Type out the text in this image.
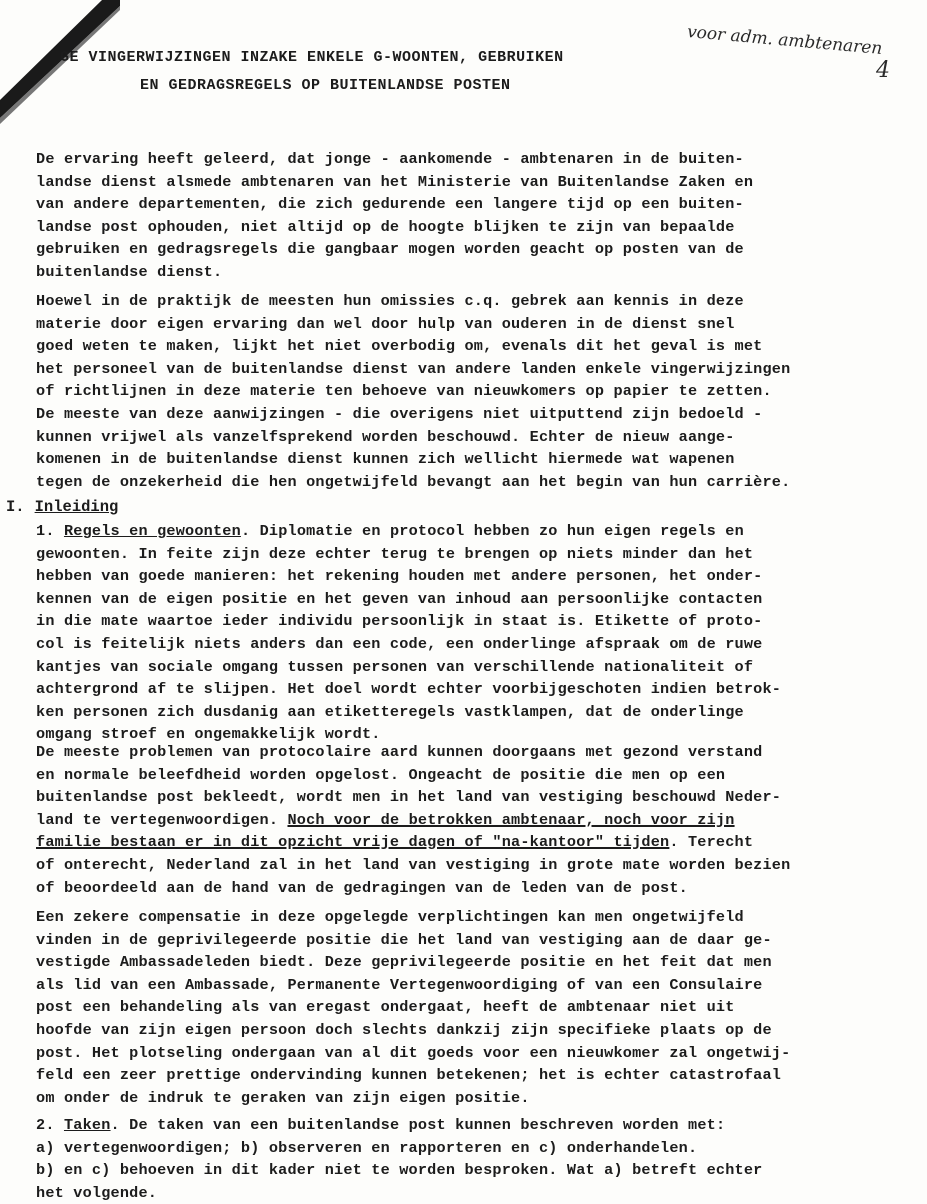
GE VINGERWIJZINGEN INZAKE ENKELE G-WOONTEN, GEBRUIKEN
EN GEDRAGSREGELS OP BUITENLANDSE POSTEN
voor adm. ambtenaren
4
De ervaring heeft geleerd, dat jonge - aankomende - ambtenaren in de buiten-
landse dienst alsmede ambtenaren van het Ministerie van Buitenlandse Zaken en
van andere departementen, die zich gedurende een langere tijd op een buiten-
landse post ophouden, niet altijd op de hoogte blijken te zijn van bepaalde
gebruiken en gedragsregels die gangbaar mogen worden geacht op posten van de
buitenlandse dienst.
Hoewel in de praktijk de meesten hun omissies c.q. gebrek aan kennis in deze
materie door eigen ervaring dan wel door hulp van ouderen in de dienst snel
goed weten te maken, lijkt het niet overbodig om, evenals dit het geval is met
het personeel van de buitenlandse dienst van andere landen enkele vingerwijzingen
of richtlijnen in deze materie ten behoeve van nieuwkomers op papier te zetten.
De meeste van deze aanwijzingen - die overigens niet uitputtend zijn bedoeld -
kunnen vrijwel als vanzelfsprekend worden beschouwd. Echter de nieuw aange-
komenen in de buitenlandse dienst kunnen zich wellicht hiermede wat wapenen
tegen de onzekerheid die hen ongetwijfeld bevangt aan het begin van hun carrière.
I. Inleiding
1. Regels en gewoonten. Diplomatie en protocol hebben zo hun eigen regels en
gewoonten. In feite zijn deze echter terug te brengen op niets minder dan het
hebben van goede manieren: het rekening houden met andere personen, het onder-
kennen van de eigen positie en het geven van inhoud aan persoonlijke contacten
in die mate waartoe ieder individu persoonlijk in staat is. Etikette of proto-
col is feitelijk niets anders dan een code, een onderlinge afspraak om de ruwe
kantjes van sociale omgang tussen personen van verschillende nationaliteit of
achtergrond af te slijpen. Het doel wordt echter voorbijgeschoten indien betrok-
ken personen zich dusdanig aan etiketteregels vastklampen, dat de onderlinge
omgang stroef en ongemakkelijk wordt.
De meeste problemen van protocolaire aard kunnen doorgaans met gezond verstand
en normale beleefdheid worden opgelost. Ongeacht de positie die men op een
buitenlandse post bekleedt, wordt men in het land van vestiging beschouwd Neder-
land te vertegenwoordigen. Noch voor de betrokken ambtenaar, noch voor zijn
familie bestaan er in dit opzicht vrije dagen of "na-kantoor" tijden. Terecht
of onterecht, Nederland zal in het land van vestiging in grote mate worden bezien
of beoordeeld aan de hand van de gedragingen van de leden van de post.
Een zekere compensatie in deze opgelegde verplichtingen kan men ongetwijfeld
vinden in de geprivilegeerde positie die het land van vestiging aan de daar ge-
vestigde Ambassadeleden biedt. Deze geprivilegeerde positie en het feit dat men
als lid van een Ambassade, Permanente Vertegenwoordiging of van een Consulaire
post een behandeling als van eregast ondergaat, heeft de ambtenaar niet uit
hoofde van zijn eigen persoon doch slechts dankzij zijn specifieke plaats op de
post. Het plotseling ondergaan van al dit goeds voor een nieuwkomer zal ongetwij-
feld een zeer prettige ondervinding kunnen betekenen; het is echter catastrofaal
om onder de indruk te geraken van zijn eigen positie.
2. Taken. De taken van een buitenlandse post kunnen beschreven worden met:
a) vertegenwoordigen; b) observeren en rapporteren en c) onderhandelen.
b) en c) behoeven in dit kader niet te worden besproken. Wat a) betreft echter
het volgende.
